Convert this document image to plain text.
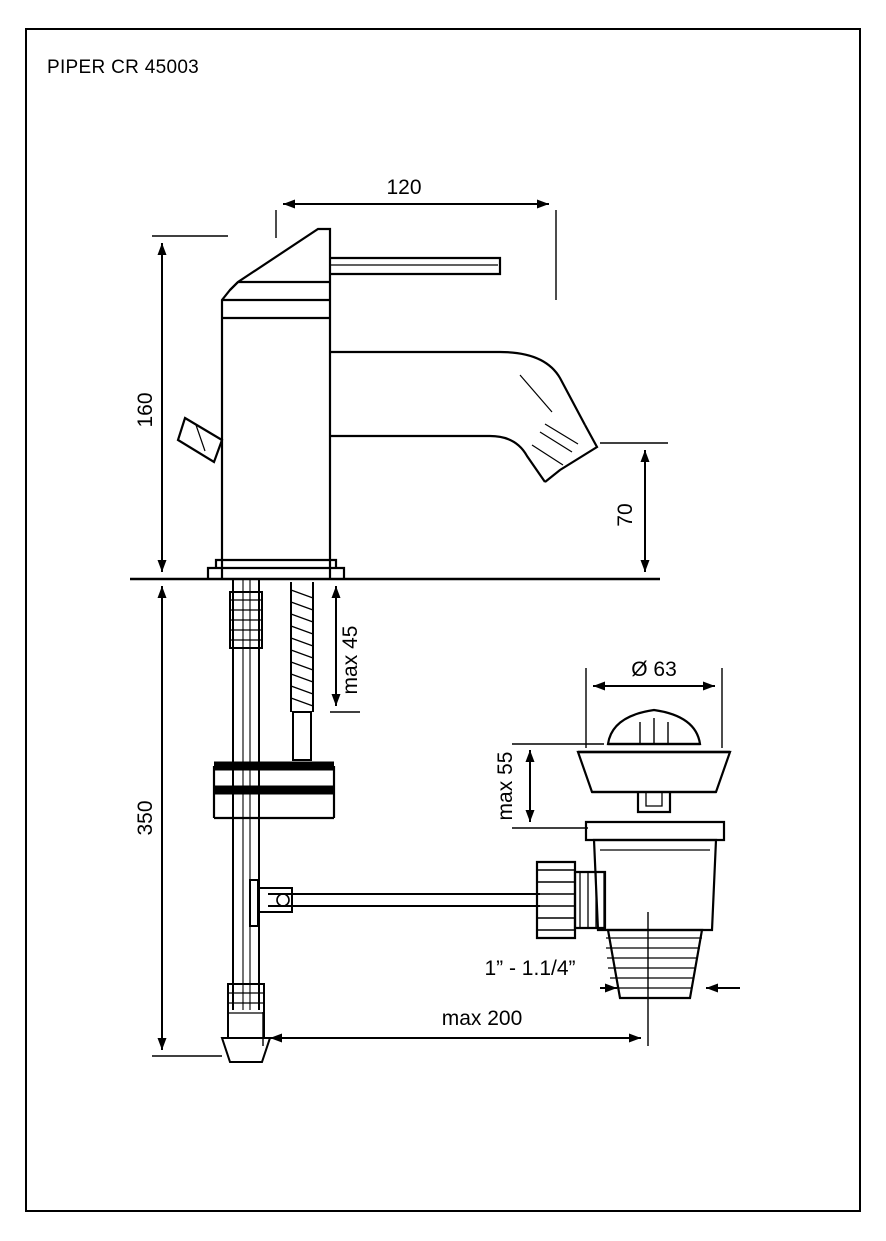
PIPER CR 45003
120
160
70
max 45
350
Ø 63
max 55
1” - 1.1/4”
max 200
